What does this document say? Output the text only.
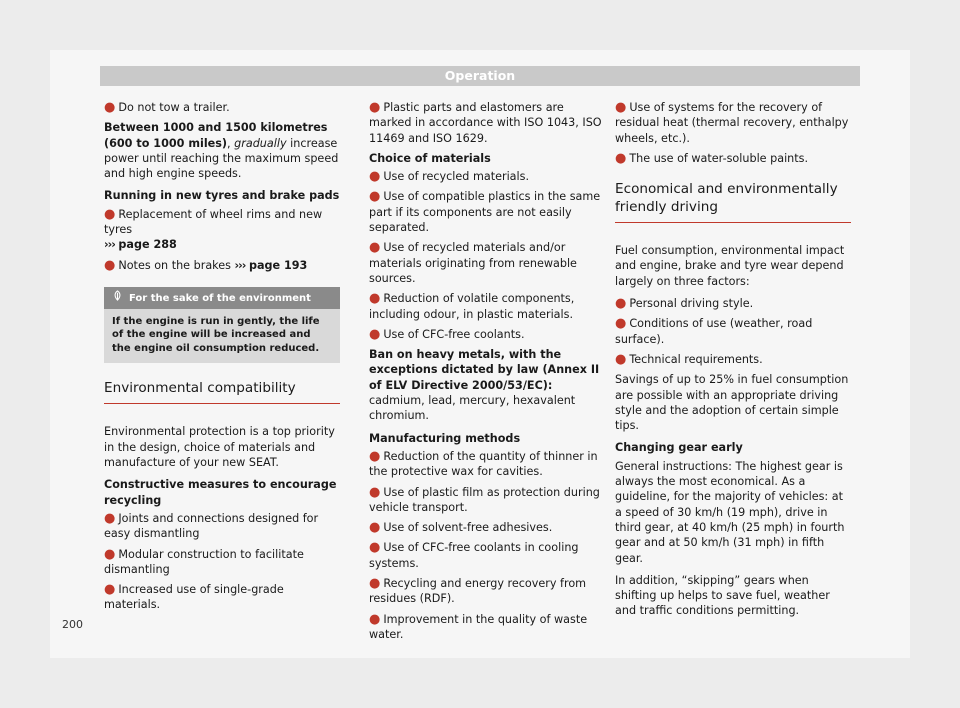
Operation

● Do not tow a trailer.

Between 1000 and 1500 kilometres (600 to 1000 miles), gradually increase power until reaching the maximum speed and high engine speeds.

Running in new tyres and brake pads

● Replacement of wheel rims and new tyres
››› page 288

● Notes on the brakes ››› page 193

For the sake of the environment
If the engine is run in gently, the life of the engine will be increased and the engine oil consumption reduced.
Environmental compatibility

Environmental protection is a top priority in the design, choice of materials and manufacture of your new SEAT.

Constructive measures to encourage recycling

● Joints and connections designed for easy dismantling

● Modular construction to facilitate dismantling

● Increased use of single-grade materials.

● Plastic parts and elastomers are marked in accordance with ISO 1043, ISO 11469 and ISO 1629.

Choice of materials

● Use of recycled materials.

● Use of compatible plastics in the same part if its components are not easily separated.

● Use of recycled materials and/or materials originating from renewable sources.

● Reduction of volatile components, including odour, in plastic materials.

● Use of CFC-free coolants.

Ban on heavy metals, with the exceptions dictated by law (Annex II of ELV Directive 2000/53/EC): cadmium, lead, mercury, hexavalent chromium.

Manufacturing methods

● Reduction of the quantity of thinner in the protective wax for cavities.

● Use of plastic film as protection during vehicle transport.

● Use of solvent-free adhesives.

● Use of CFC-free coolants in cooling systems.

● Recycling and energy recovery from residues (RDF).

● Improvement in the quality of waste water.

● Use of systems for the recovery of residual heat (thermal recovery, enthalpy wheels, etc.).

● The use of water-soluble paints.

Economical and environmentally friendly driving

Fuel consumption, environmental impact and engine, brake and tyre wear depend largely on three factors:

● Personal driving style.

● Conditions of use (weather, road surface).

● Technical requirements.

Savings of up to 25% in fuel consumption are possible with an appropriate driving style and the adoption of certain simple tips.

Changing gear early

General instructions: The highest gear is always the most economical. As a guideline, for the majority of vehicles: at a speed of 30 km/h (19 mph), drive in third gear, at 40 km/h (25 mph) in fourth gear and at 50 km/h (31 mph) in fifth gear.

In addition, “skipping” gears when shifting up helps to save fuel, weather and traffic conditions permitting.

200
